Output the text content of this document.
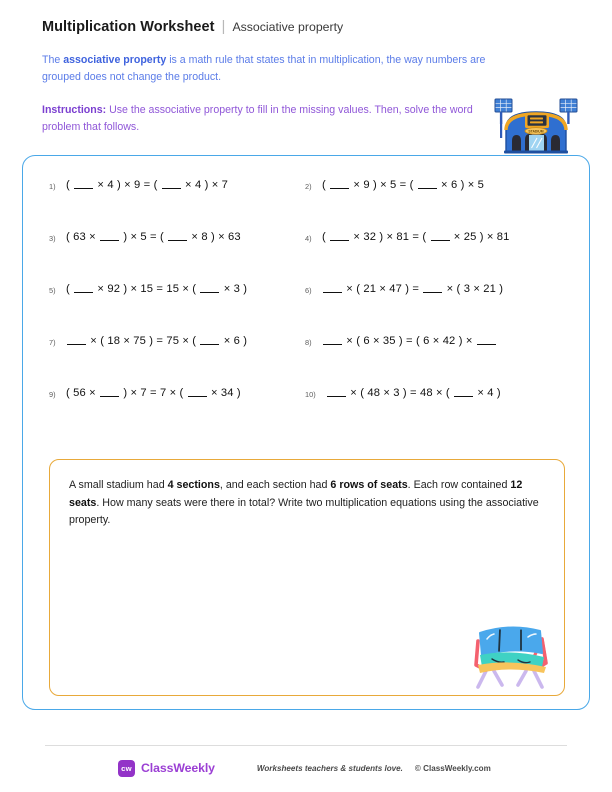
Multiplication Worksheet | Associative property
The associative property is a math rule that states that in multiplication, the way numbers are grouped does not change the product.
Instructions: Use the associative property to fill in the missing values. Then, solve the word problem that follows.	STADIUM
1) (  × 4 ) × 9 = (  × 4 ) × 7	2) (  × 9 ) × 5 = (  × 6 ) × 5
3) ( 63 ×  ) × 5 = (  × 8 ) × 63	4) (  × 32 ) × 81 = (  × 25 ) × 81
5) (  × 92 ) × 15 = 15 × (  × 3 )	6)	× ( 21 × 47 ) =  × ( 3 × 21 )
7)	× ( 18 × 75 ) = 75 × (  × 6 )	8)	× ( 6 × 35 ) = ( 6 × 42 ) ×
9) ( 56 ×  ) × 7 = 7 × (  × 34 )	10)	× ( 48 × 3 ) = 48 × (  × 4 )
A small stadium had 4 sections, and each section had 6 rows of seats. Each row contained 12 seats. How many seats were there in total? Write two multiplication equations using the associative property.
cw ClassWeekly	Worksheets teachers & students love. © ClassWeekly.com
